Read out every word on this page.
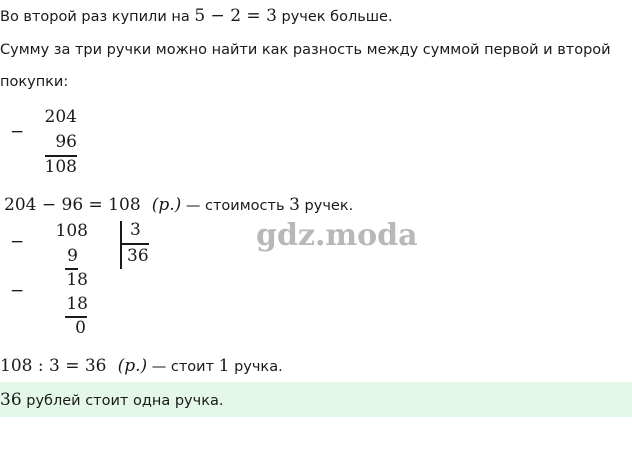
Во второй раз купили на 5 − 2 = 3 ручек больше.
Сумму за три ручки можно найти как разность между суммой первой и второй
покупки:
−
204
96
108
204 − 96 = 108 (р.) — стоимость 3 ручек.
−
108 3
36
9
−
18
18
0
gdz.moda
108 : 3 = 36 (р.) — стоит 1 ручка.
36 рублей стоит одна ручка.
